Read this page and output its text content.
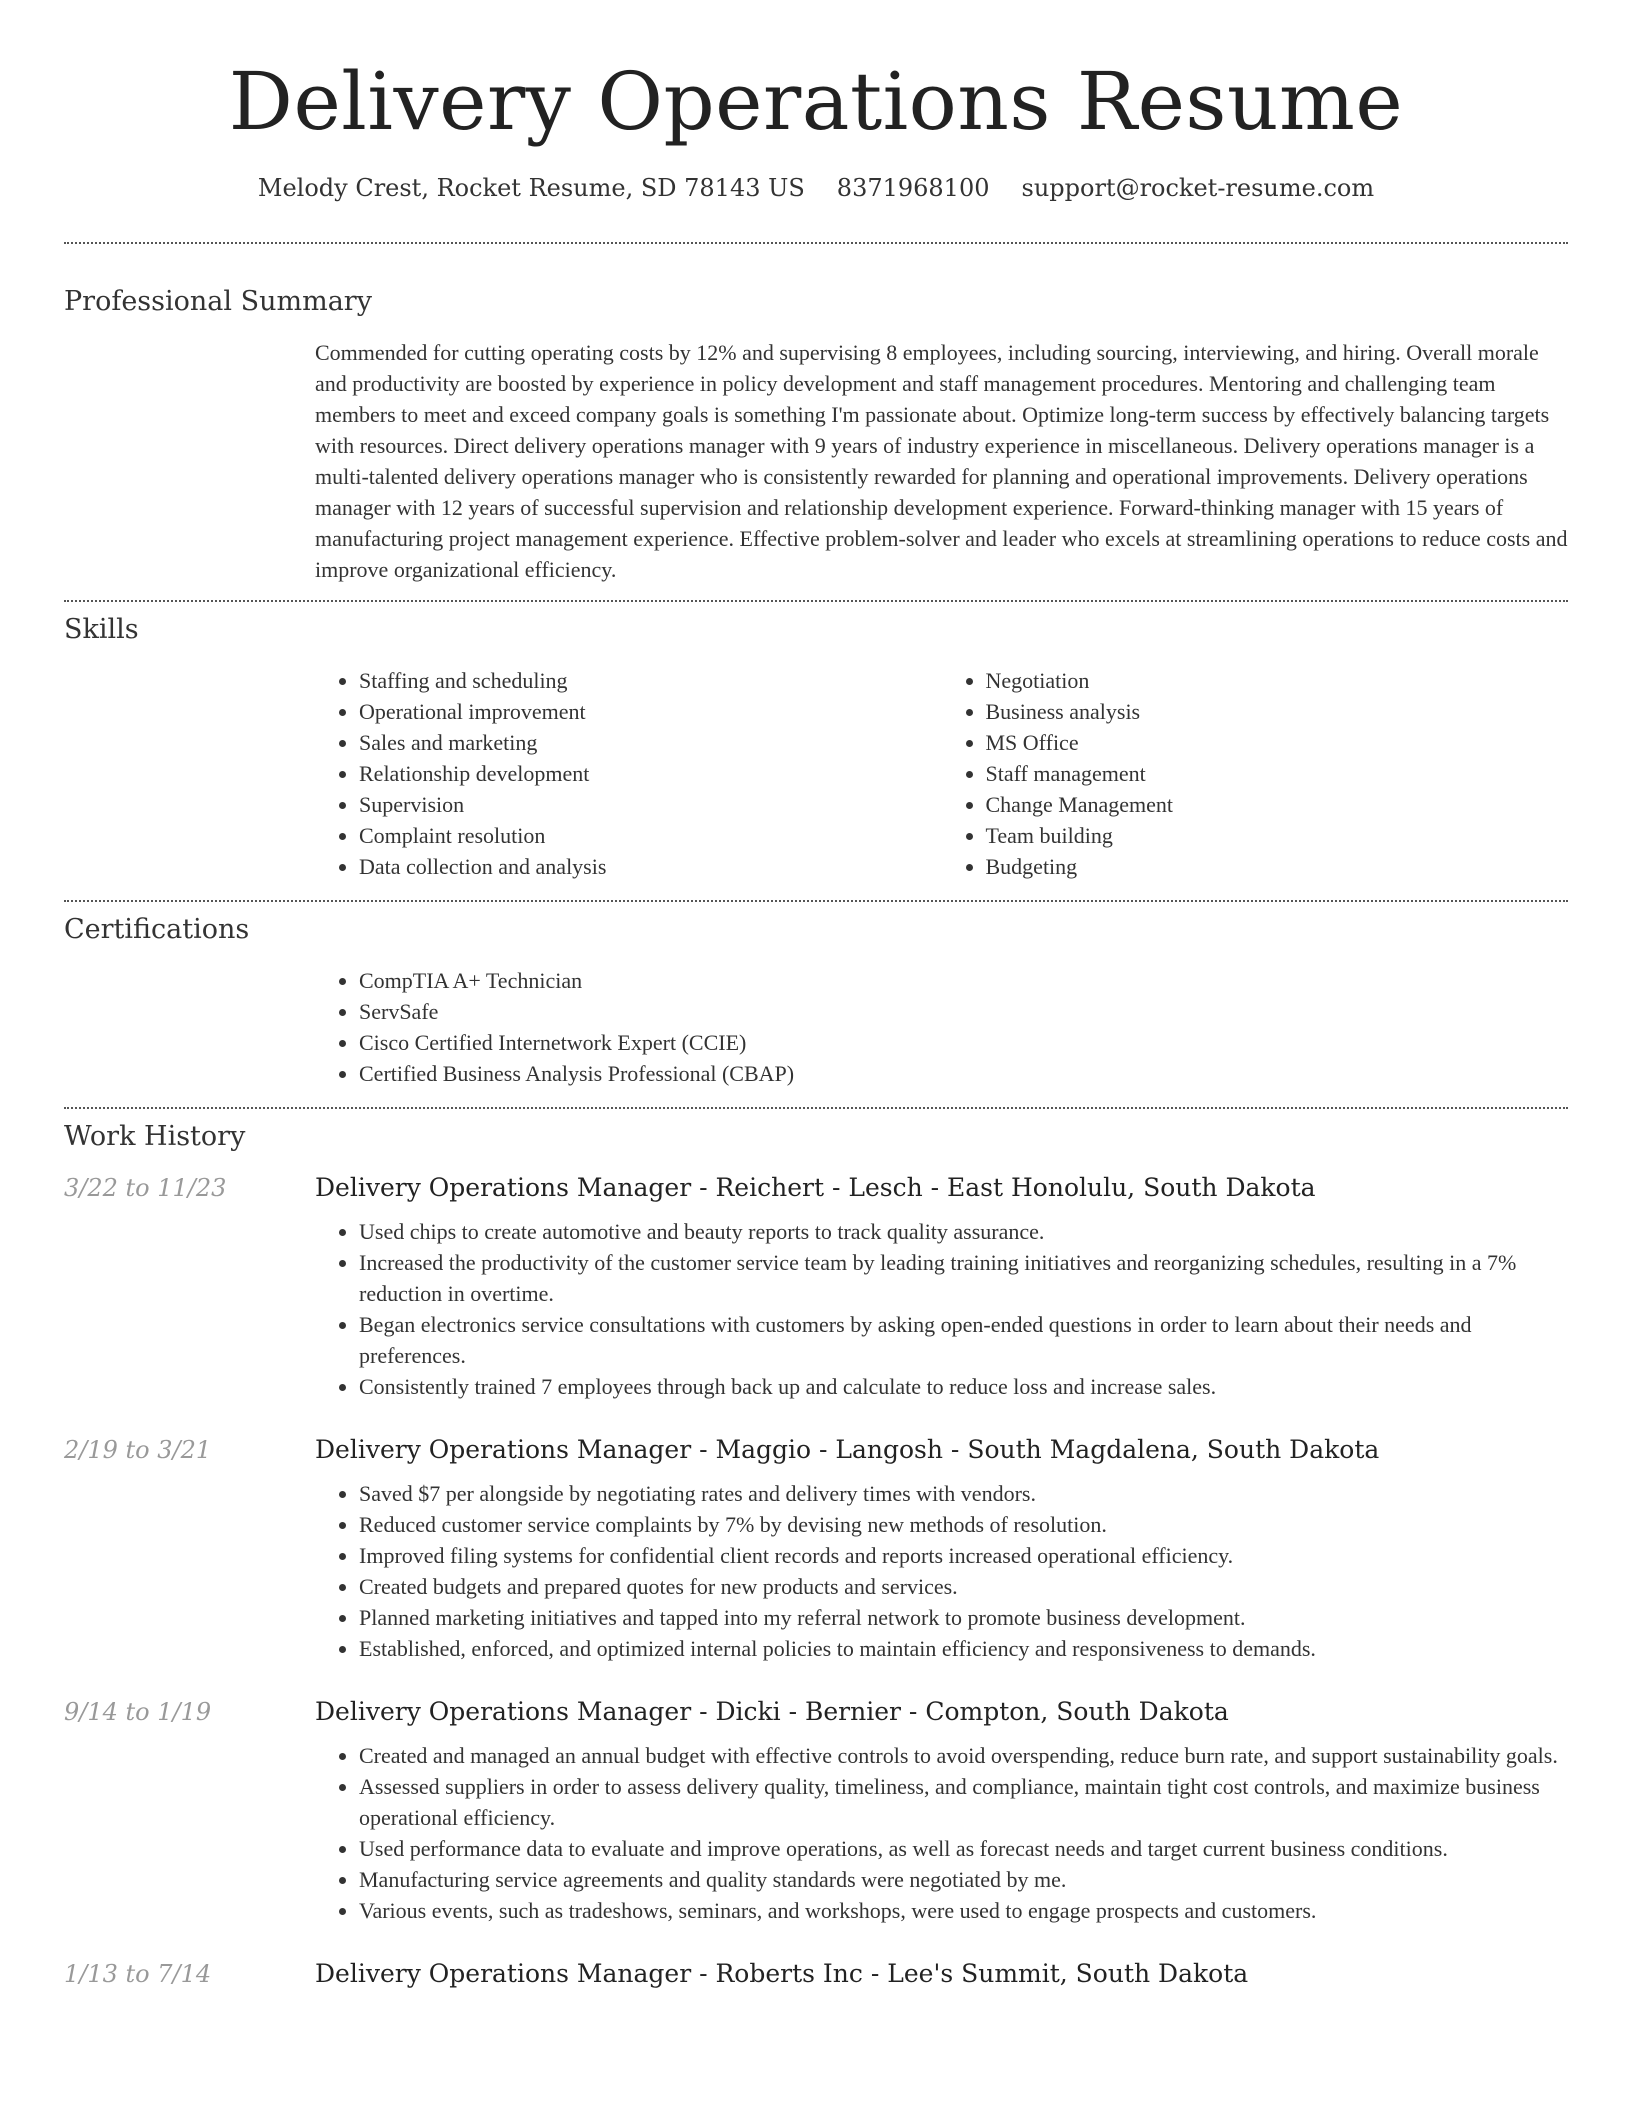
Delivery Operations Resume
Melody Crest, Rocket Resume, SD 78143 US 8371968100 support@rocket-resume.com
Professional Summary

Commended for cutting operating costs by 12% and supervising 8 employees, including sourcing, interviewing, and hiring. Overall morale and productivity are boosted by experience in policy development and staff management procedures. Mentoring and challenging team members to meet and exceed company goals is something I'm passionate about. Optimize long-term success by effectively balancing targets with resources. Direct delivery operations manager with 9 years of industry experience in miscellaneous. Delivery operations manager is a multi-talented delivery operations manager who is consistently rewarded for planning and operational improvements. Delivery operations manager with 12 years of successful supervision and relationship development experience. Forward-thinking manager with 15 years of manufacturing project management experience. Effective problem-solver and leader who excels at streamlining operations to reduce costs and improve organizational efficiency.

Skills
• Staffing and scheduling
• Operational improvement
• Sales and marketing
• Relationship development
• Supervision
• Complaint resolution
• Data collection and analysis
• Negotiation
• Business analysis
• MS Office
• Staff management
• Change Management
• Team building
• Budgeting
Certifications
• CompTIA A+ Technician
• ServSafe
• Cisco Certified Internetwork Expert (CCIE)
• Certified Business Analysis Professional (CBAP)
Work History
3/22 to 11/23	Delivery Operations Manager - Reichert - Lesch - East Honolulu, South Dakota
• Used chips to create automotive and beauty reports to track quality assurance.
• Increased the productivity of the customer service team by leading training initiatives and reorganizing schedules, resulting in a 7% reduction in overtime.
• Began electronics service consultations with customers by asking open-ended questions in order to learn about their needs and preferences.
• Consistently trained 7 employees through back up and calculate to reduce loss and increase sales.
2/19 to 3/21	Delivery Operations Manager - Maggio - Langosh - South Magdalena, South Dakota
• Saved $7 per alongside by negotiating rates and delivery times with vendors.
• Reduced customer service complaints by 7% by devising new methods of resolution.
• Improved filing systems for confidential client records and reports increased operational efficiency.
• Created budgets and prepared quotes for new products and services.
• Planned marketing initiatives and tapped into my referral network to promote business development.
• Established, enforced, and optimized internal policies to maintain efficiency and responsiveness to demands.
9/14 to 1/19	Delivery Operations Manager - Dicki - Bernier - Compton, South Dakota
• Created and managed an annual budget with effective controls to avoid overspending, reduce burn rate, and support sustainability goals.
• Assessed suppliers in order to assess delivery quality, timeliness, and compliance, maintain tight cost controls, and maximize business operational efficiency.
• Used performance data to evaluate and improve operations, as well as forecast needs and target current business conditions.
• Manufacturing service agreements and quality standards were negotiated by me.
• Various events, such as tradeshows, seminars, and workshops, were used to engage prospects and customers.
1/13 to 7/14	Delivery Operations Manager - Roberts Inc - Lee's Summit, South Dakota
